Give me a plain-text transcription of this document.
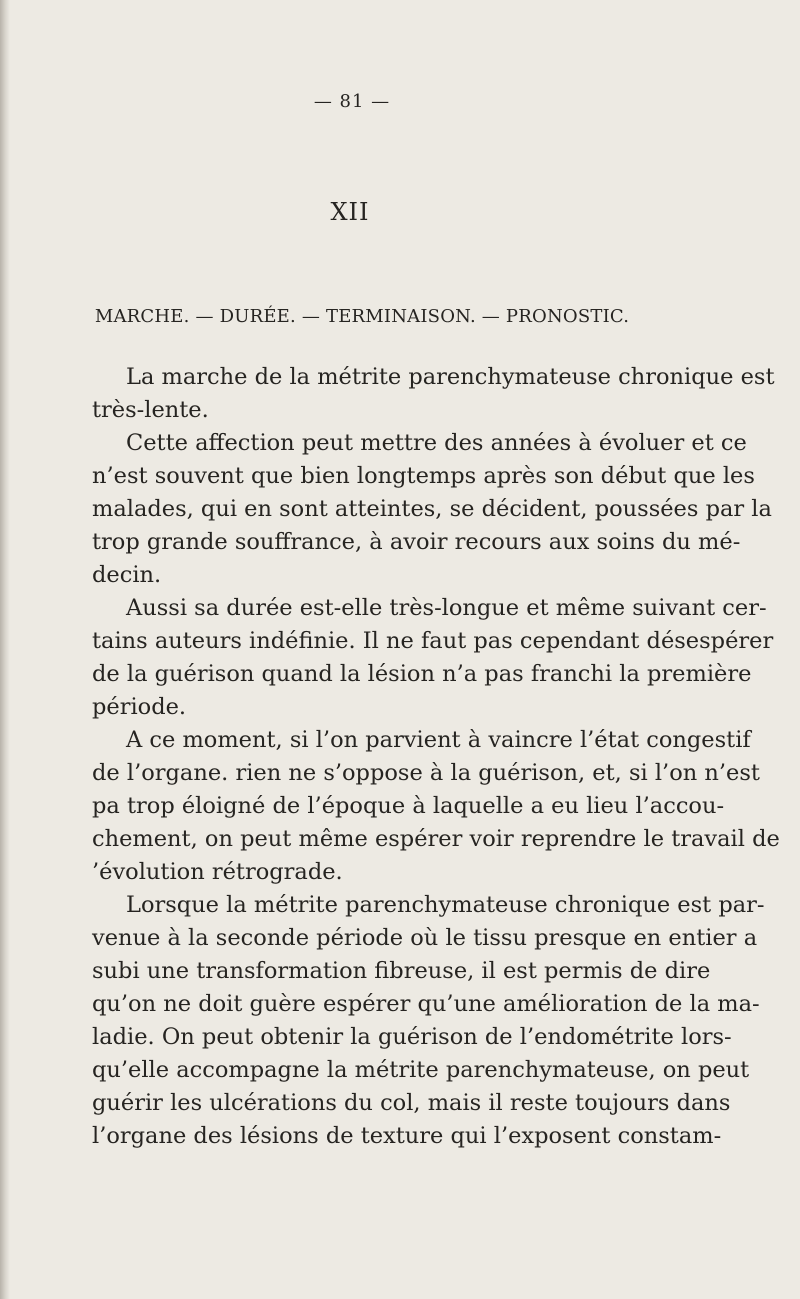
— 81 —
XII
MARCHE. — DURÉE. — TERMINAISON. — PRONOSTIC.
La marche de la métrite parenchymateuse chronique est
très-lente.
Cette affection peut mettre des années à évoluer et ce
n’est souvent que bien longtemps après son début que les
malades, qui en sont atteintes, se décident, poussées par la
trop grande souffrance, à avoir recours aux soins du mé-
decin.
Aussi sa durée est-elle très-longue et même suivant cer-
tains auteurs indéfinie. Il ne faut pas cependant désespérer
de la guérison quand la lésion n’a pas franchi la première
période.
A ce moment, si l’on parvient à vaincre l’état congestif
de l’organe. rien ne s’oppose à la guérison, et, si l’on n’est
pa trop éloigné de l’époque à laquelle a eu lieu l’accou-
chement, on peut même espérer voir reprendre le travail de
’évolution rétrograde.
Lorsque la métrite parenchymateuse chronique est par-
venue à la seconde période où le tissu presque en entier a
subi une transformation fibreuse, il est permis de dire
qu’on ne doit guère espérer qu’une amélioration de la ma-
ladie. On peut obtenir la guérison de l’endométrite lors-
qu’elle accompagne la métrite parenchymateuse, on peut
guérir les ulcérations du col, mais il reste toujours dans
l’organe des lésions de texture qui l’exposent constam-
